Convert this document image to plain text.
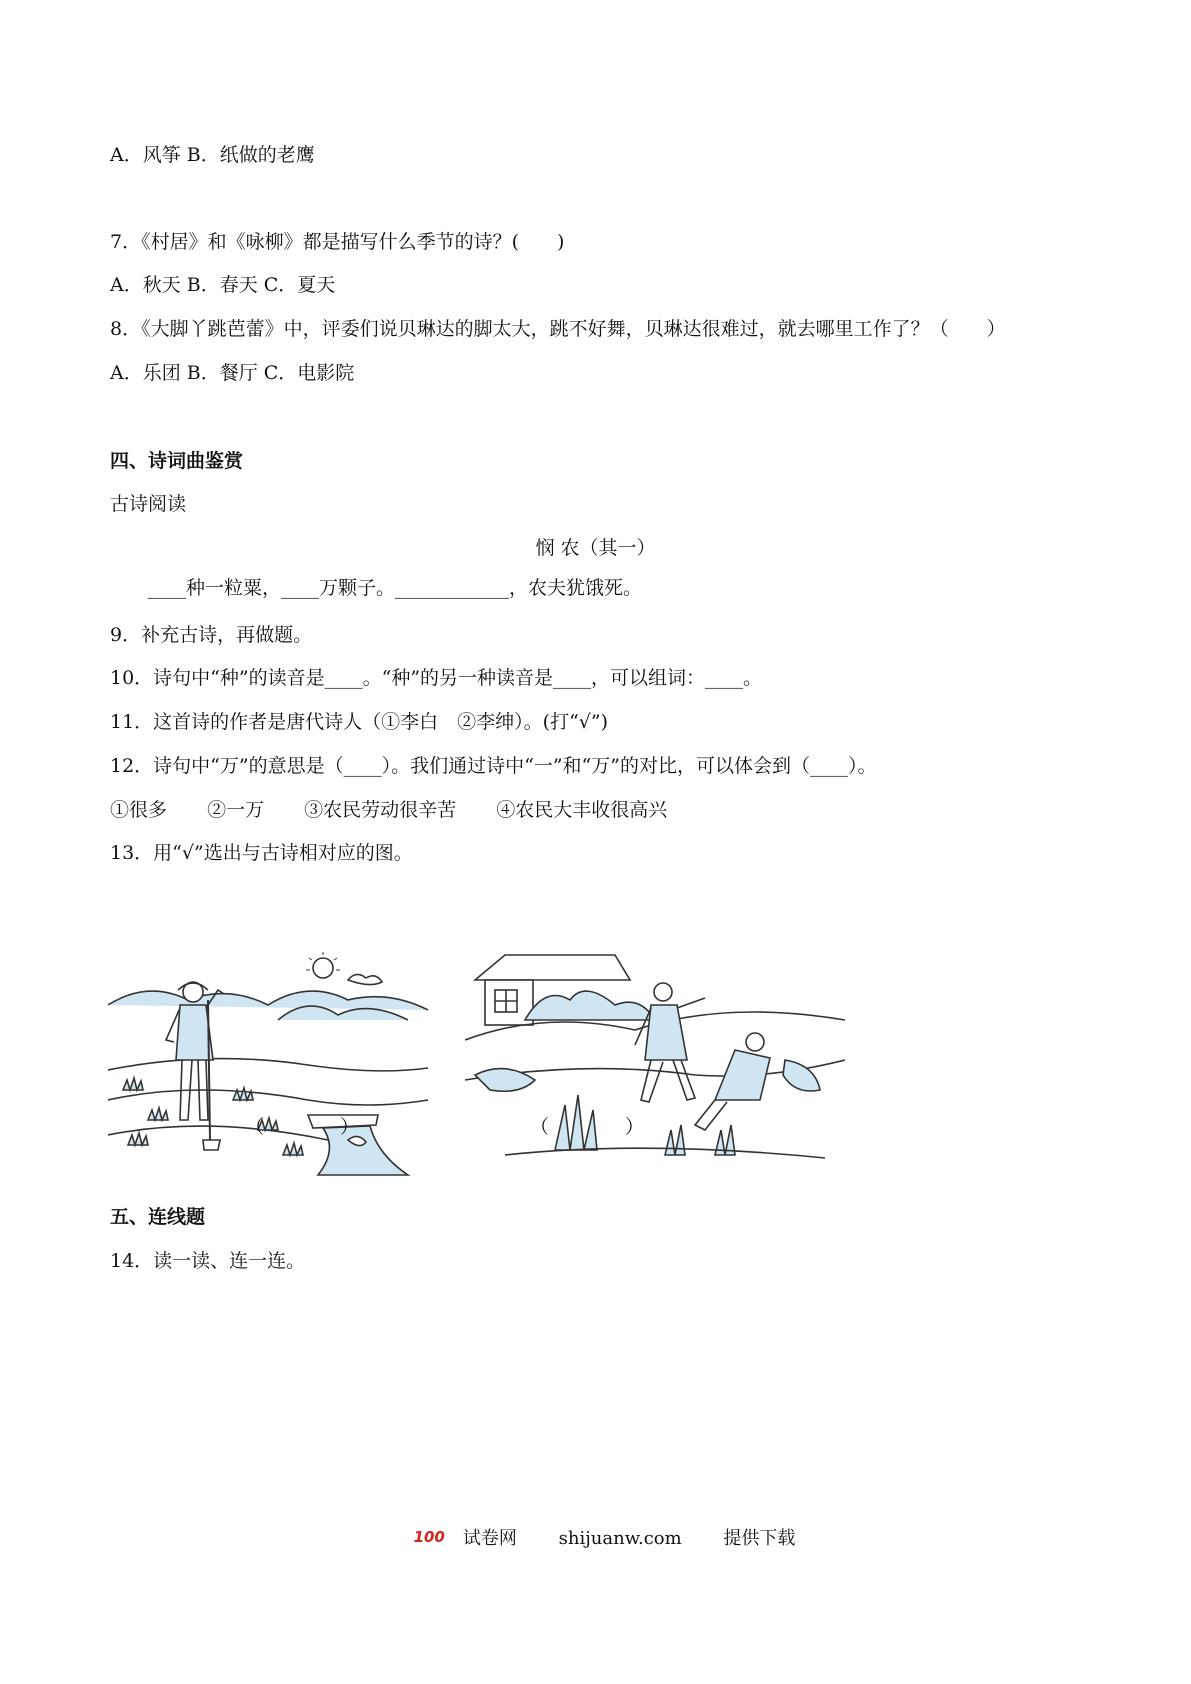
A．风筝 B．纸做的老鹰
7．《村居》和《咏柳》都是描写什么季节的诗？(　　)
A．秋天 B．春天 C．夏天
8．《大脚丫跳芭蕾》中，评委们说贝琳达的脚太大，跳不好舞，贝琳达很难过，就去哪里工作了？（　　）
A．乐团 B．餐厅 C．电影院
四、诗词曲鉴赏
古诗阅读
悯 农（其一）
____种一粒粟，____万颗子。____________，农夫犹饿死。
9．补充古诗，再做题。
10．诗句中“种”的读音是____。“种”的另一种读音是____，可以组词：____。
11．这首诗的作者是唐代诗人（①李白　②李绅）。(打“√”)
12．诗句中“万”的意思是（____）。我们通过诗中“一”和“万”的对比，可以体会到（____）。
①很多 ②一万 ③农民劳动很辛苦 ④农民大丰收很高兴
13．用“√”选出与古诗相对应的图。
（　　　　）	（　　　　）
五、连线题
14．读一读、连一连。
100 试卷网 shijuanw.com 提供下载
